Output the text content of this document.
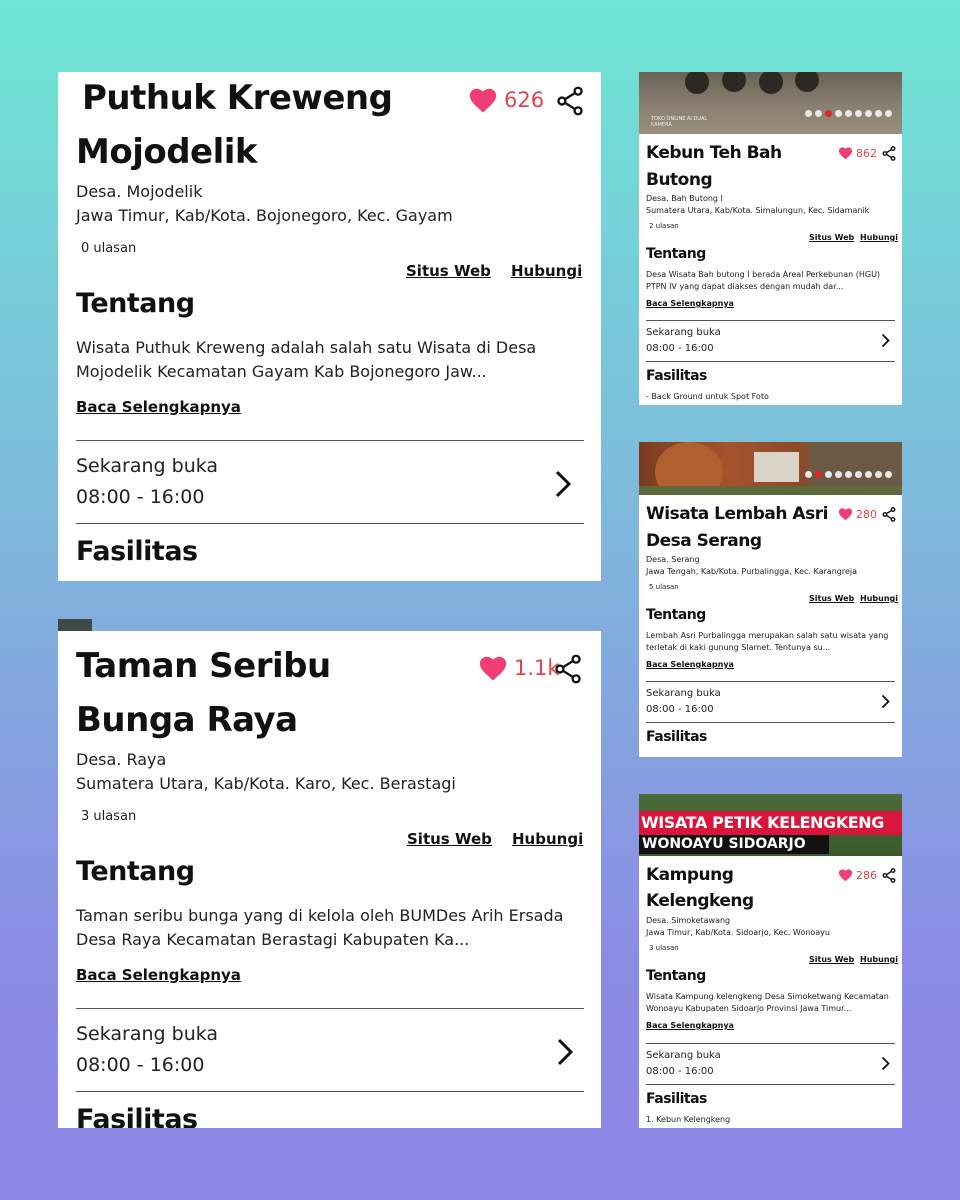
Puthuk Kreweng
Mojodelik
626
Desa. Mojodelik
Jawa Timur, Kab/Kota. Bojonegoro, Kec. Gayam
0 ulasan
Situs Web Hubungi
Tentang
Wisata Puthuk Kreweng adalah salah satu Wisata di Desa
Mojodelik Kecamatan Gayam Kab Bojonegoro Jaw...
Baca Selengkapnya
Sekarang buka
08:00 - 16:00
Fasilitas
Taman Seribu
Bunga Raya
1.1k
Desa. Raya
Sumatera Utara, Kab/Kota. Karo, Kec. Berastagi
3 ulasan
Situs Web Hubungi
Tentang
Taman seribu bunga yang di kelola oleh BUMDes Arih Ersada
Desa Raya Kecamatan Berastagi Kabupaten Ka...
Baca Selengkapnya
Sekarang buka
08:00 - 16:00
Fasilitas
TOKO ONLINE AI DUAL KAMERA
Kebun Teh Bah
Butong
862
Desa. Bah Butong I
Sumatera Utara, Kab/Kota. Simalungun, Kec. Sidamanik
2 ulasan
Situs Web Hubungi
Tentang
Desa Wisata Bah butong I berada Areal Perkebunan (HGU)
PTPN IV yang dapat diakses dengan mudah dar...
Baca Selengkapnya
Sekarang buka
08:00 - 16:00
Fasilitas
- Back Ground untuk Spot Foto
Wisata Lembah Asri
Desa Serang
280
Desa. Serang
Jawa Tengah, Kab/Kota. Purbalingga, Kec. Karangreja
5 ulasan
Situs Web Hubungi
Tentang
Lembah Asri Purbalingga merupakan salah satu wisata yang
terletak di kaki gunung Slamet. Tentunya su...
Baca Selengkapnya
Sekarang buka
08:00 - 16:00
Fasilitas
WISATA PETIK KELENGKENG
WONOAYU SIDOARJO
Kampung
Kelengkeng
286
Desa. Simoketawang
Jawa Timur, Kab/Kota. Sidoarjo, Kec. Wonoayu
3 ulasan
Situs Web Hubungi
Tentang
Wisata Kampung kelengkeng Desa Simoketwang Kecamatan
Wonoayu Kabupaten Sidoarjo Provinsi Jawa Timur...
Baca Selengkapnya
Sekarang buka
08:00 - 16:00
Fasilitas
1. Kebun Kelengkeng
